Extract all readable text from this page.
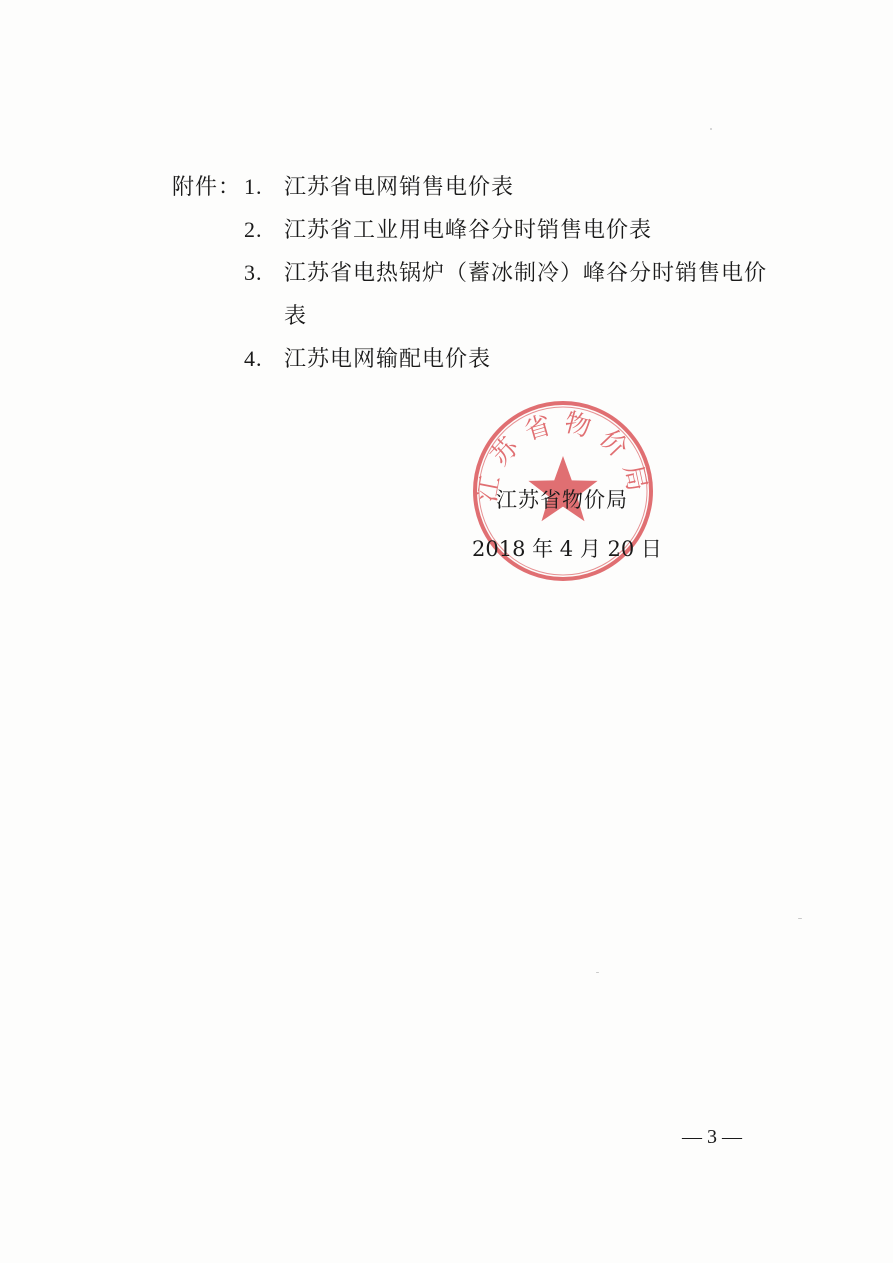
附件： 1. 江苏省电网销售电价表
2. 江苏省工业用电峰谷分时销售电价表
3. 江苏省电热锅炉（蓄冰制冷）峰谷分时销售电价
表
4. 江苏电网输配电价表
江苏省物价局
江苏省物价局
2018 年 4 月 20 日
— 3 —
